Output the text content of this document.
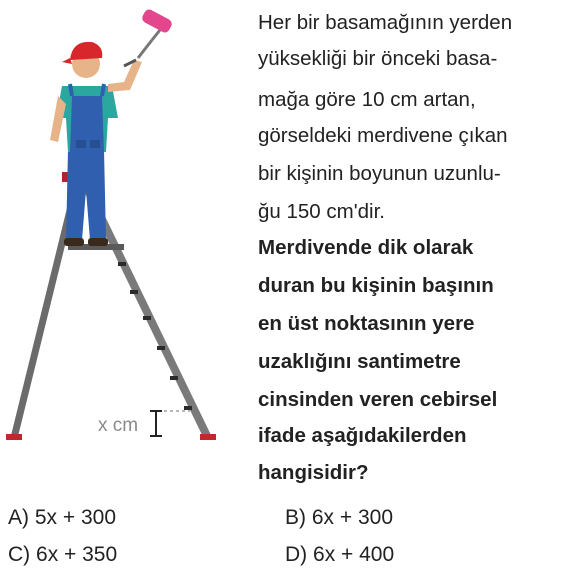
x cm
Her bir basamağının yerden
yüksekliği bir önceki basa-
mağa göre 10 cm artan,
görseldeki merdivene çıkan
bir kişinin boyunun uzunlu-
ğu 150 cm'dir.
Merdivende dik olarak
duran bu kişinin başının
en üst noktasının yere
uzaklığını santimetre
cinsinden veren cebirsel
ifade aşağıdakilerden
hangisidir?
A) 5x + 300	B) 6x + 300
C) 6x + 350	D) 6x + 400
